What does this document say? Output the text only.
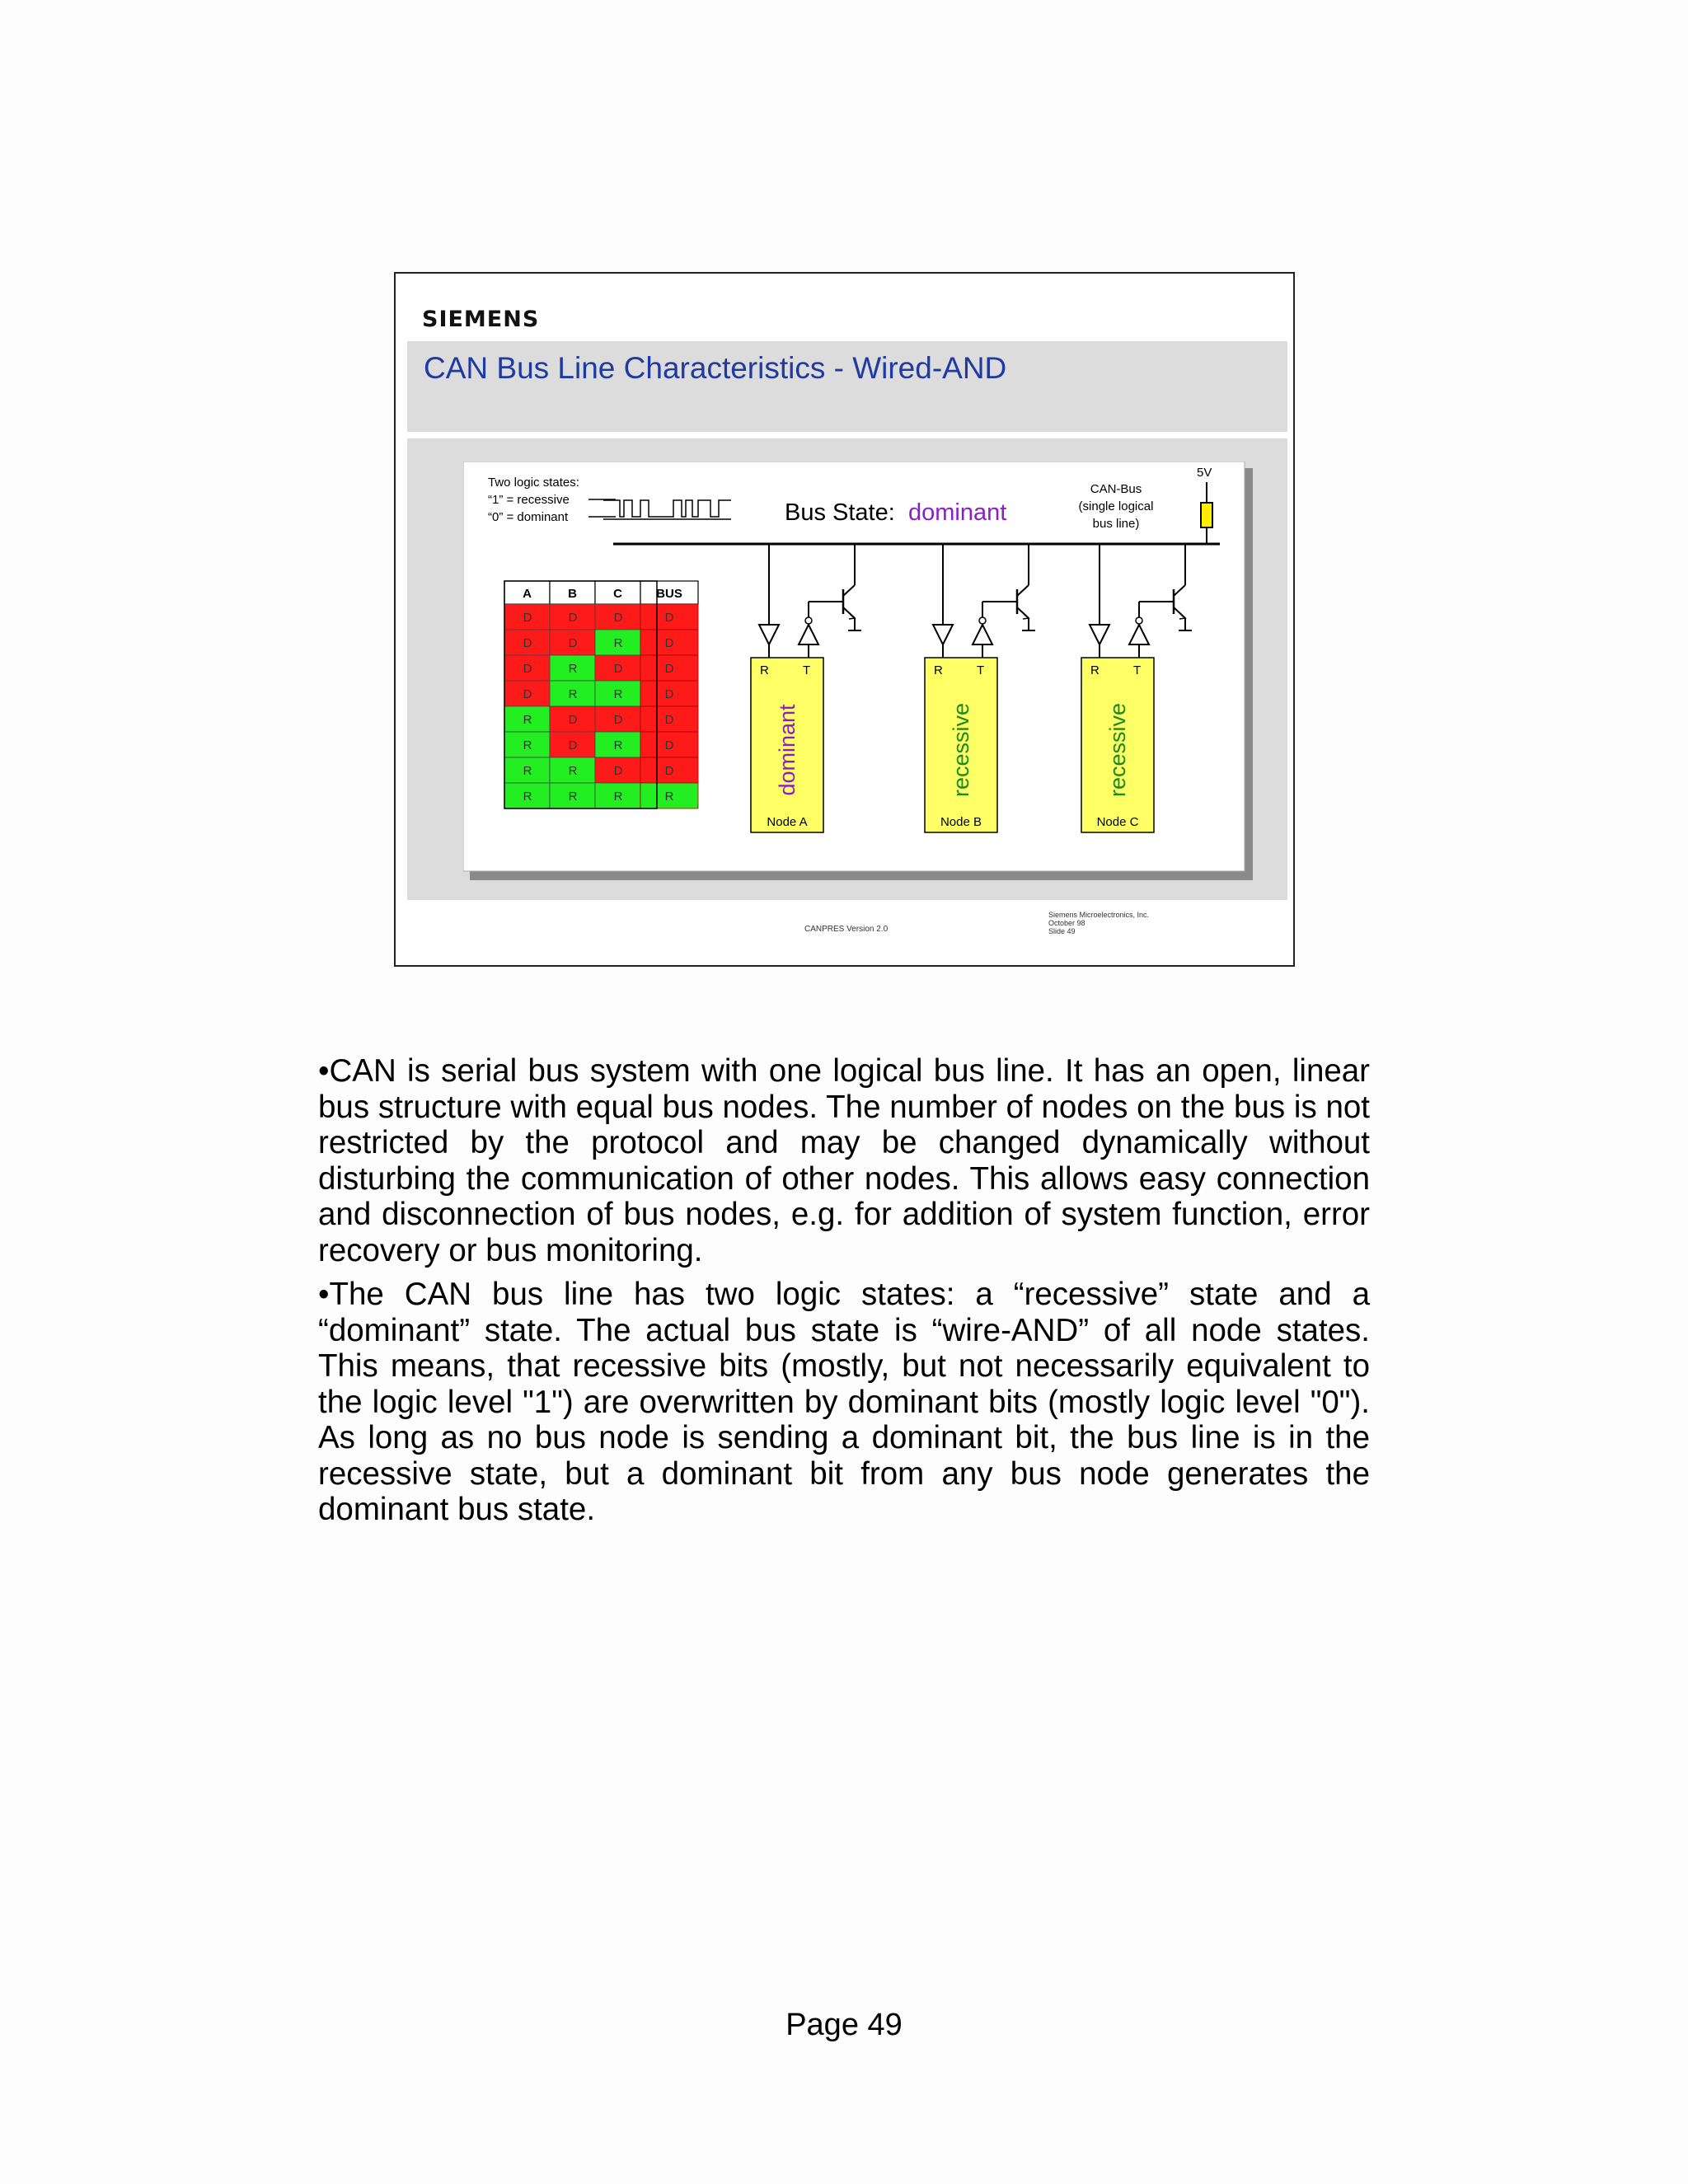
SIEMENS
CAN Bus Line Characteristics - Wired-AND
Two logic states:
“1” = recessive
“0” = dominant	Bus State: dominant
CAN-Bus
(single logical
bus line)
5V
A	B	C	BUS
D	D	D	D
D	D	R	D
D	R	D	D
D	R	R	D
R	D	D	D
R	D	R	D
R	R	D	D
R	R	R	R
R	T
dominant
Node A
R	T
recessive
Node B
R	T
recessive
Node C
CANPRES Version 2.0
Siemens Microelectronics, Inc.
October 98
Slide 49

•CAN is serial bus system with one logical bus line. It has an open, linear bus structure with equal bus nodes. The number of nodes on the bus is not restricted by the protocol and may be changed dynamically without disturbing the communication of other nodes. This allows easy connection and disconnection of bus nodes, e.g. for addition of system function, error recovery or bus monitoring.

•The CAN bus line has two logic states: a “recessive” state and a “dominant” state. The actual bus state is “wire-AND” of all node states. This means, that recessive bits (mostly, but not necessarily equivalent to the logic level "1") are overwritten by dominant bits (mostly logic level "0"). As long as no bus node is sending a dominant bit, the bus line is in the recessive state, but a dominant bit from any bus node generates the dominant bus state.

Page 49
